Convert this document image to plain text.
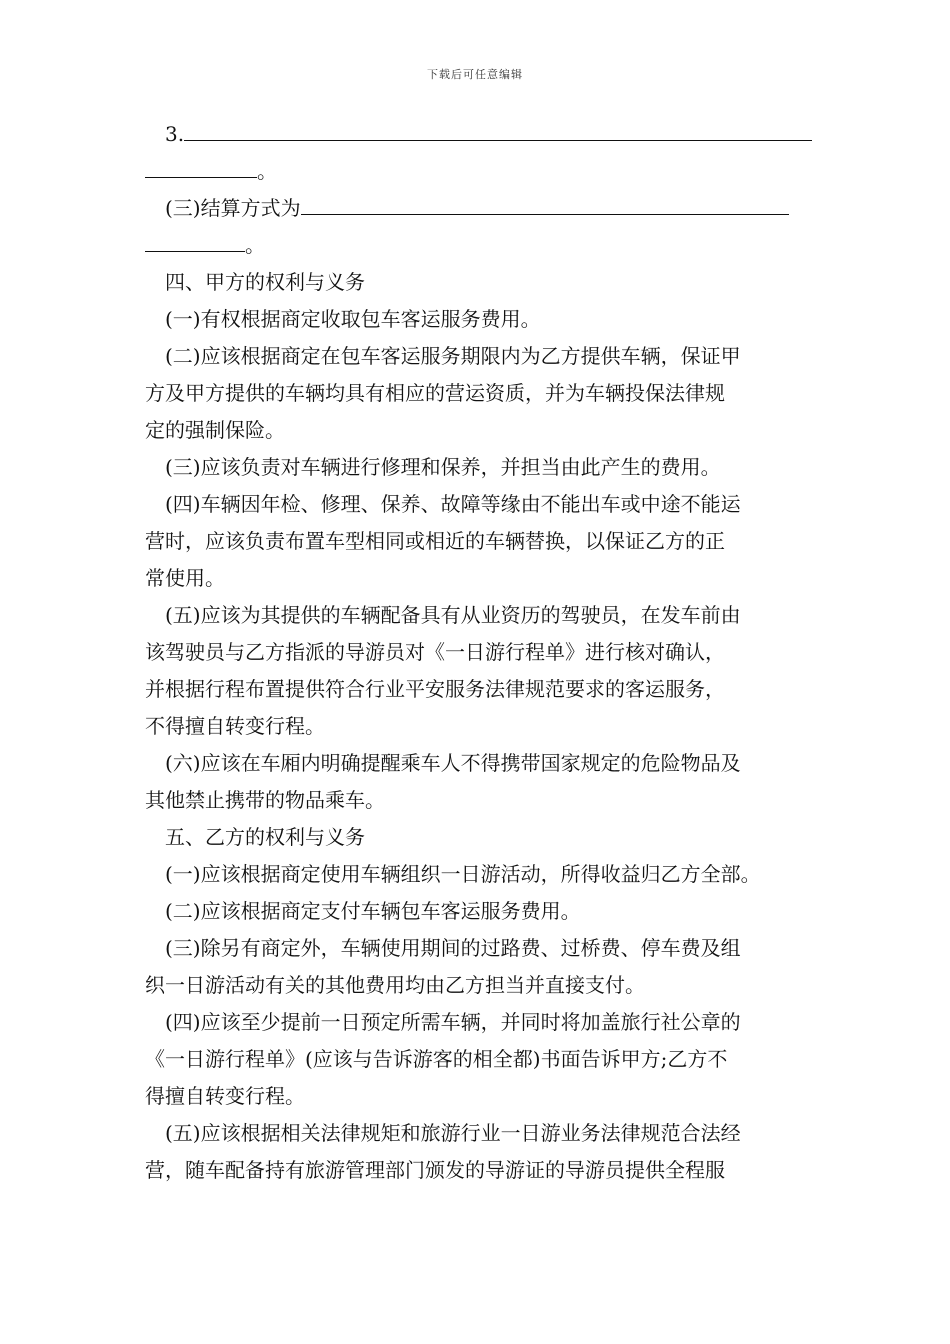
下载后可任意编辑
3.
。
(三)结算方式为
。
四、甲方的权利与义务
(一)有权根据商定收取包车客运服务费用。
(二)应该根据商定在包车客运服务期限内为乙方提供车辆，保证甲
方及甲方提供的车辆均具有相应的营运资质，并为车辆投保法律规
定的强制保险。
(三)应该负责对车辆进行修理和保养，并担当由此产生的费用。
(四)车辆因年检、修理、保养、故障等缘由不能出车或中途不能运
营时，应该负责布置车型相同或相近的车辆替换，以保证乙方的正
常使用。
(五)应该为其提供的车辆配备具有从业资历的驾驶员，在发车前由
该驾驶员与乙方指派的导游员对《一日游行程单》进行核对确认，
并根据行程布置提供符合行业平安服务法律规范要求的客运服务，
不得擅自转变行程。
(六)应该在车厢内明确提醒乘车人不得携带国家规定的危险物品及
其他禁止携带的物品乘车。
五、乙方的权利与义务
(一)应该根据商定使用车辆组织一日游活动，所得收益归乙方全部。
(二)应该根据商定支付车辆包车客运服务费用。
(三)除另有商定外，车辆使用期间的过路费、过桥费、停车费及组
织一日游活动有关的其他费用均由乙方担当并直接支付。
(四)应该至少提前一日预定所需车辆，并同时将加盖旅行社公章的
《一日游行程单》(应该与告诉游客的相全都)书面告诉甲方;乙方不
得擅自转变行程。
(五)应该根据相关法律规矩和旅游行业一日游业务法律规范合法经
营，随车配备持有旅游管理部门颁发的导游证的导游员提供全程服
